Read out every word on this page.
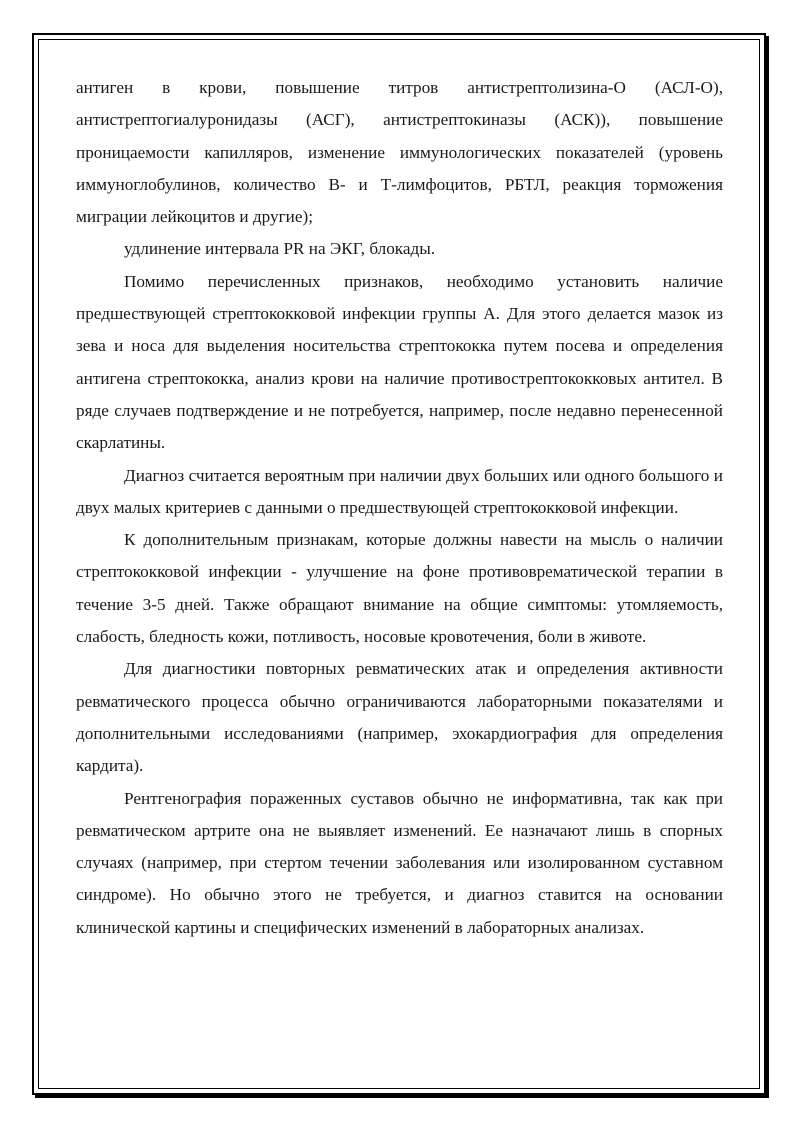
антиген в крови, повышение титров антистрептолизина-О (АСЛ-О), антистрептогиалуронидазы (АСГ), антистрептокиназы (АСК)), повышение проницаемости капилляров, изменение иммунологических показателей (уровень иммуноглобулинов, количество В- и Т-лимфоцитов, РБТЛ, реакция торможения миграции лейкоцитов и другие);

удлинение интервала PR на ЭКГ, блокады.

Помимо перечисленных признаков, необходимо установить наличие предшествующей стрептококковой инфекции группы А. Для этого делается мазок из зева и носа для выделения носительства стрептококка путем посева и определения антигена стрептококка, анализ крови на наличие противострептококковых антител. В ряде случаев подтверждение и не потребуется, например, после недавно перенесенной скарлатины.

Диагноз считается вероятным при наличии двух больших или одного большого и двух малых критериев с данными о предшествующей стрептококковой инфекции.

К дополнительным признакам, которые должны навести на мысль о наличии стрептококковой инфекции - улучшение на фоне противоврематической терапии в течение 3-5 дней. Также обращают внимание на общие симптомы: утомляемость, слабость, бледность кожи, потливость, носовые кровотечения, боли в животе.

Для диагностики повторных ревматических атак и определения активности ревматического процесса обычно ограничиваются лабораторными показателями и дополнительными исследованиями (например, эхокардиография для определения кардита).

Рентгенография пораженных суставов обычно не информативна, так как при ревматическом артрите она не выявляет изменений. Ее назначают лишь в спорных случаях (например, при стертом течении заболевания или изолированном суставном синдроме). Но обычно этого не требуется, и диагноз ставится на основании клинической картины и специфических изменений в лабораторных анализах.
